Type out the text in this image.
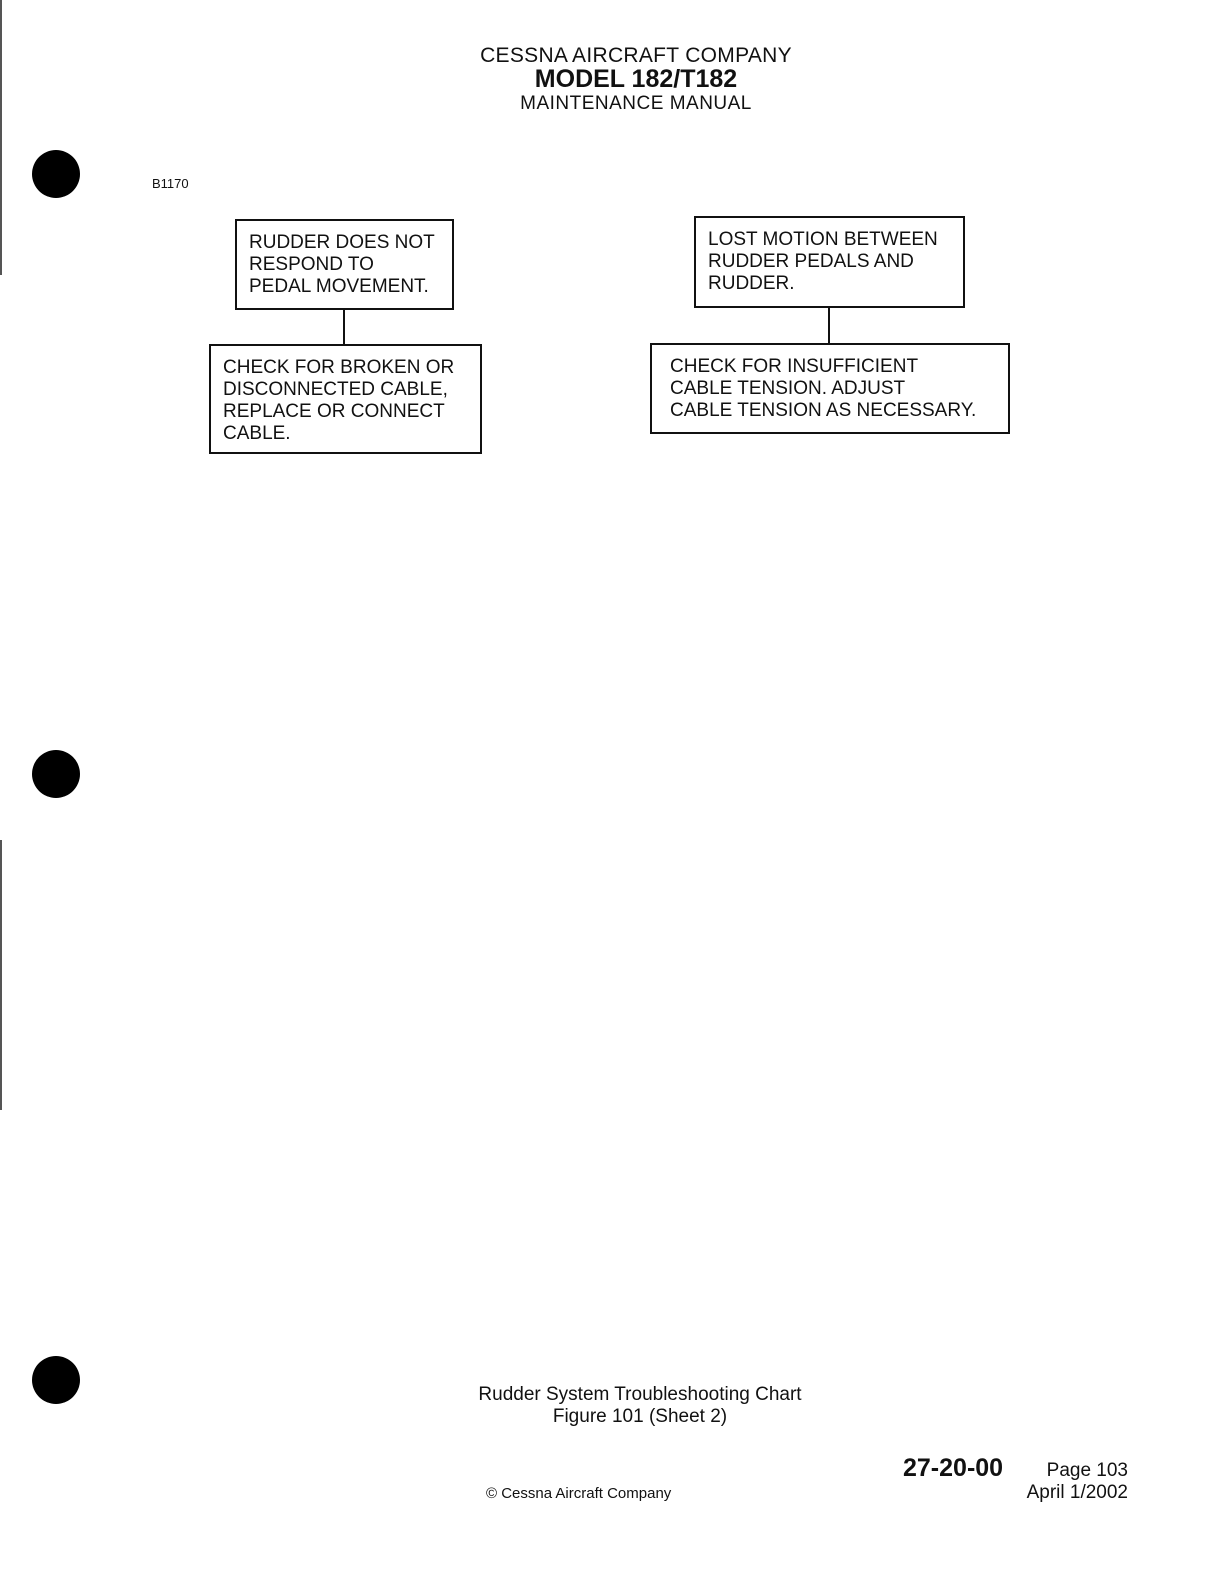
CESSNA AIRCRAFT COMPANY
MODEL 182/T182
MAINTENANCE MANUAL
B1170
RUDDER DOES NOT
RESPOND TO
PEDAL MOVEMENT.
CHECK FOR BROKEN OR
DISCONNECTED CABLE,
REPLACE OR CONNECT
CABLE.
LOST MOTION BETWEEN
RUDDER PEDALS AND
RUDDER.
CHECK FOR INSUFFICIENT
CABLE TENSION. ADJUST
CABLE TENSION AS NECESSARY.
Rudder System Troubleshooting Chart
Figure 101 (Sheet 2)
27-20-00	Page 103
April 1/2002
© Cessna Aircraft Company
